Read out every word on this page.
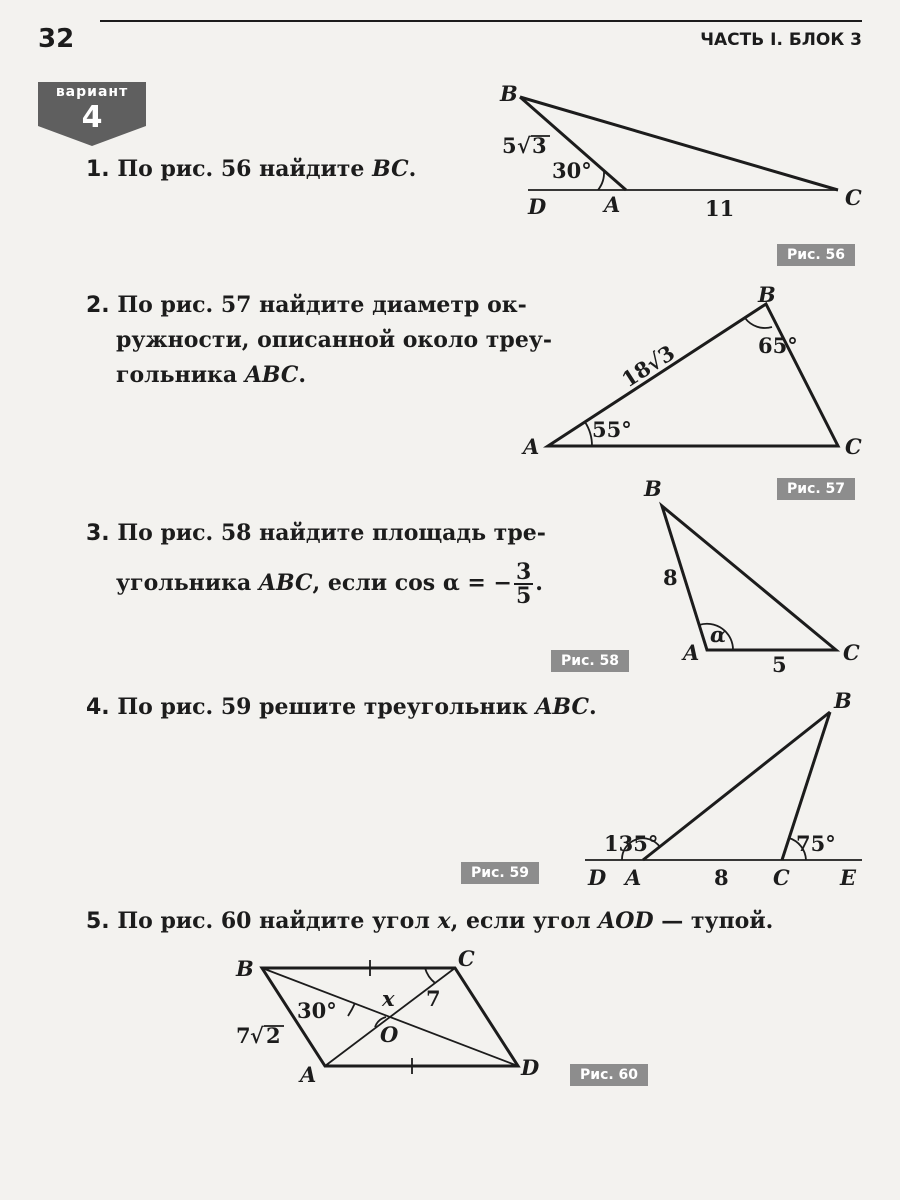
32	ЧАСТЬ I. БЛОК 3
вариант
4
1. По рис. 56 найдите BC.
B
D	A	C
5 √ 3
30°
11
Рис. 56
2. По рис. 57 найдите диаметр ок-
ружности, описанной около треу-
гольника ABC.
A
B
C
18√3
55°
65°
Рис. 57
3. По рис. 58 найдите площадь тре-
угольника ABC, если cos α = − $\frac{3}{5}$ .
B
A	C
8
5
α
Рис. 58
4. По рис. 59 решите треугольник ABC.	B
D A	C E
135°	75°
8
Рис. 59
5. По рис. 60 найдите угол x, если угол AOD — тупой.
B	C
A	D
O
30° x 7
7 √ 2
Рис. 60
